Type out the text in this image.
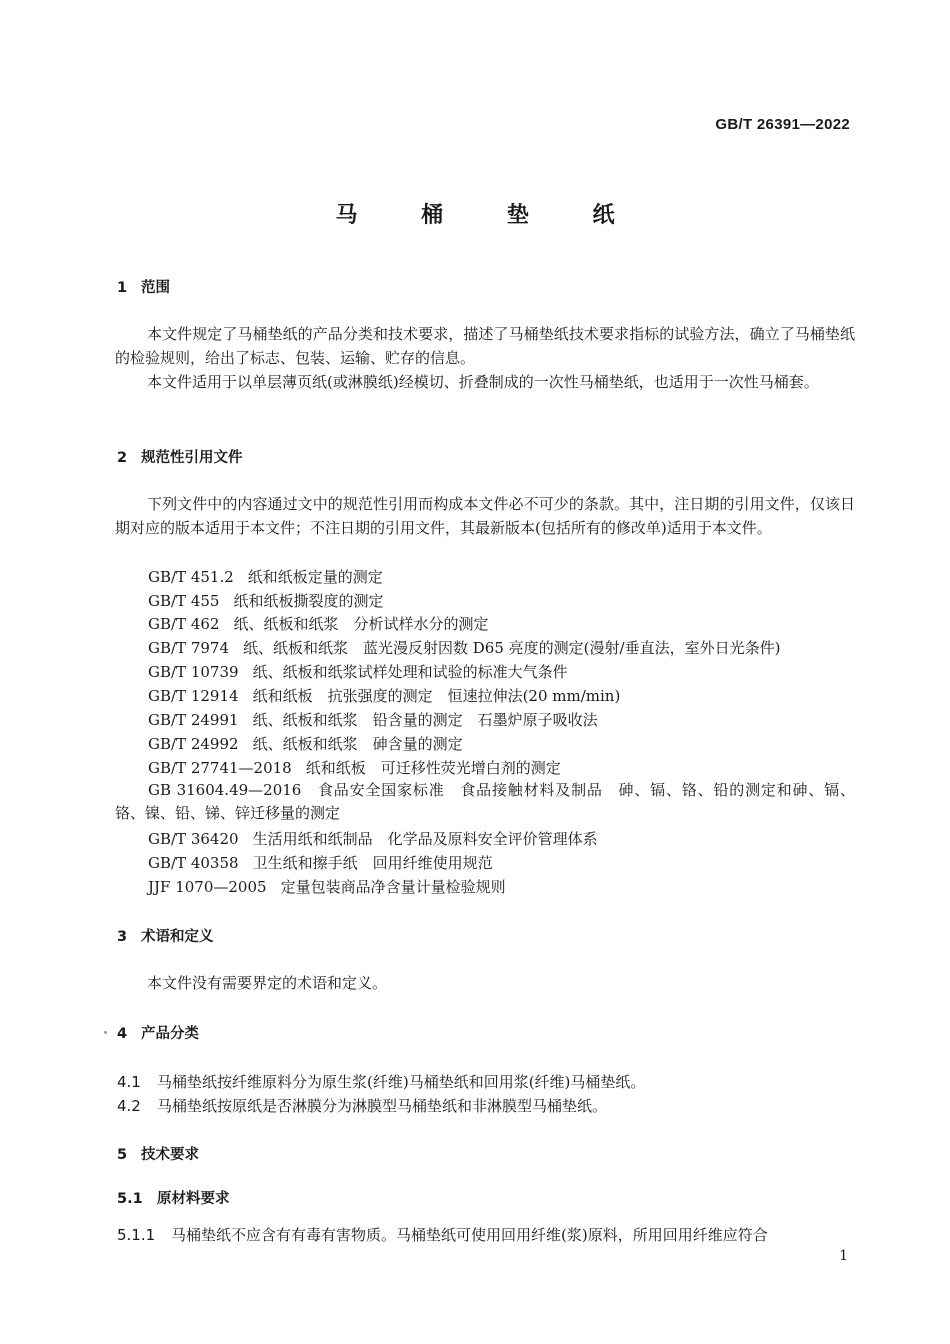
GB/T 26391—2022
马 桶 垫 纸
1 范围
本文件规定了马桶垫纸的产品分类和技术要求，描述了马桶垫纸技术要求指标的试验方法，确立了马桶垫纸的检验规则，给出了标志、包装、运输、贮存的信息。
本文件适用于以单层薄页纸(或淋膜纸)经模切、折叠制成的一次性马桶垫纸，也适用于一次性马桶套。
2 规范性引用文件
下列文件中的内容通过文中的规范性引用而构成本文件必不可少的条款。其中，注日期的引用文件，仅该日期对应的版本适用于本文件；不注日期的引用文件，其最新版本(包括所有的修改单)适用于本文件。
GB/T 451.2 纸和纸板定量的测定
GB/T 455 纸和纸板撕裂度的测定
GB/T 462 纸、纸板和纸浆　分析试样水分的测定
GB/T 7974 纸、纸板和纸浆　蓝光漫反射因数 D65 亮度的测定(漫射/垂直法，室外日光条件)
GB/T 10739 纸、纸板和纸浆试样处理和试验的标准大气条件
GB/T 12914 纸和纸板　抗张强度的测定　恒速拉伸法(20 mm/min)
GB/T 24991 纸、纸板和纸浆　铅含量的测定　石墨炉原子吸收法
GB/T 24992 纸、纸板和纸浆　砷含量的测定
GB/T 27741—2018 纸和纸板　可迁移性荧光增白剂的测定
GB 31604.49—2016　食品安全国家标准　食品接触材料及制品　砷、镉、铬、铅的测定和砷、镉、铬、镍、铅、锑、锌迁移量的测定
GB/T 36420 生活用纸和纸制品　化学品及原料安全评价管理体系
GB/T 40358 卫生纸和擦手纸　回用纤维使用规范
JJF 1070—2005 定量包装商品净含量计量检验规则
3 术语和定义
本文件没有需要界定的术语和定义。
4 产品分类
4.1 马桶垫纸按纤维原料分为原生浆(纤维)马桶垫纸和回用浆(纤维)马桶垫纸。
4.2 马桶垫纸按原纸是否淋膜分为淋膜型马桶垫纸和非淋膜型马桶垫纸。
5 技术要求
5.1 原材料要求
5.1.1 马桶垫纸不应含有有毒有害物质。马桶垫纸可使用回用纤维(浆)原料，所用回用纤维应符合
1
